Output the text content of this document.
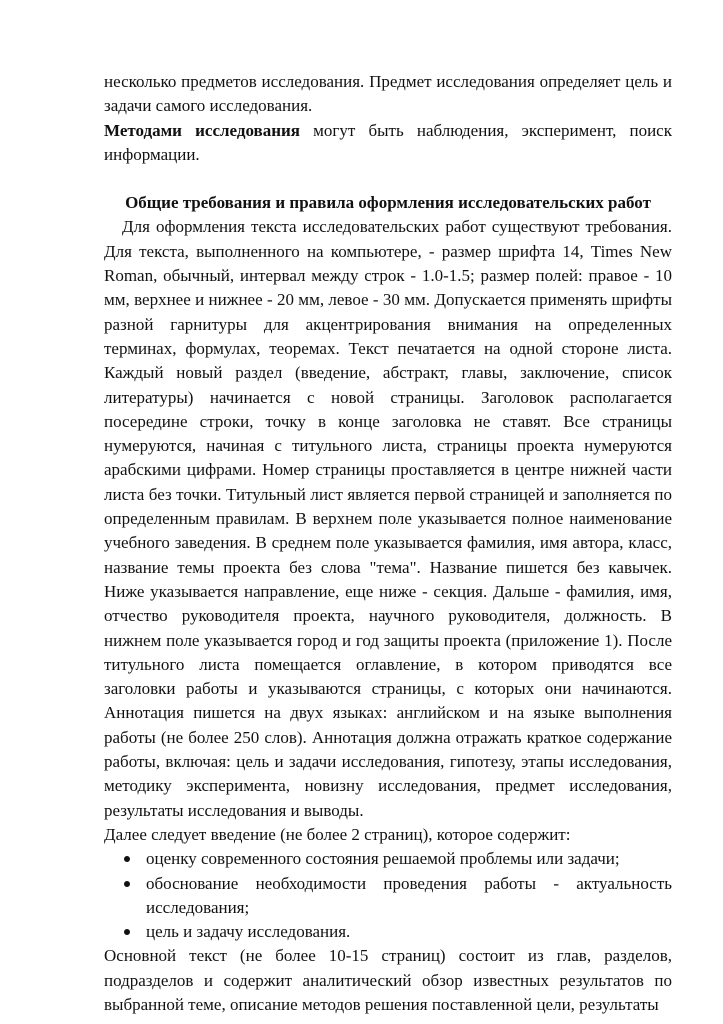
несколько предметов исследования. Предмет исследования определяет цель и задачи самого исследования.

Методами исследования могут быть наблюдения, эксперимент, поиск информации.

Общие требования и правила оформления исследовательских работ

Для оформления текста исследовательских работ существуют требования. Для текста, выполненного на компьютере, - размер шрифта 14, Times New Roman, обычный, интервал между строк - 1.0-1.5; размер полей: правое - 10 мм, верхнее и нижнее - 20 мм, левое - 30 мм. Допускается применять шрифты разной гарнитуры для акцентрирования внимания на определенных терминах, формулах, теоремах. Текст печатается на одной стороне листа. Каждый новый раздел (введение, абстракт, главы, заключение, список литературы) начинается с новой страницы. Заголовок располагается посередине строки, точку в конце заголовка не ставят. Все страницы нумеруются, начиная с титульного листа, страницы проекта нумеруются арабскими цифрами. Номер страницы проставляется в центре нижней части листа без точки. Титульный лист является первой страницей и заполняется по определенным правилам. В верхнем поле указывается полное наименование учебного заведения. В среднем поле указывается фамилия, имя автора, класс, название темы проекта без слова "тема". Название пишется без кавычек. Ниже указывается направление, еще ниже - секция. Дальше - фамилия, имя, отчество руководителя проекта, научного руководителя, должность. В нижнем поле указывается город и год защиты проекта (приложение 1). После титульного листа помещается оглавление, в котором приводятся все заголовки работы и указываются страницы, с которых они начинаются. Аннотация пишется на двух языках: английском и на языке выполнения работы (не более 250 слов). Аннотация должна отражать краткое содержание работы, включая: цель и задачи исследования, гипотезу, этапы исследования, методику эксперимента, новизну исследования, предмет исследования, результаты исследования и выводы.

Далее следует введение (не более 2 страниц), которое содержит:

оценку современного состояния решаемой проблемы или задачи;
обоснование необходимости проведения работы - актуальность исследования;
цель и задачу исследования.

Основной текст (не более 10-15 страниц) состоит из глав, разделов, подразделов и содержит аналитический обзор известных результатов по выбранной теме, описание методов решения поставленной цели, результаты
